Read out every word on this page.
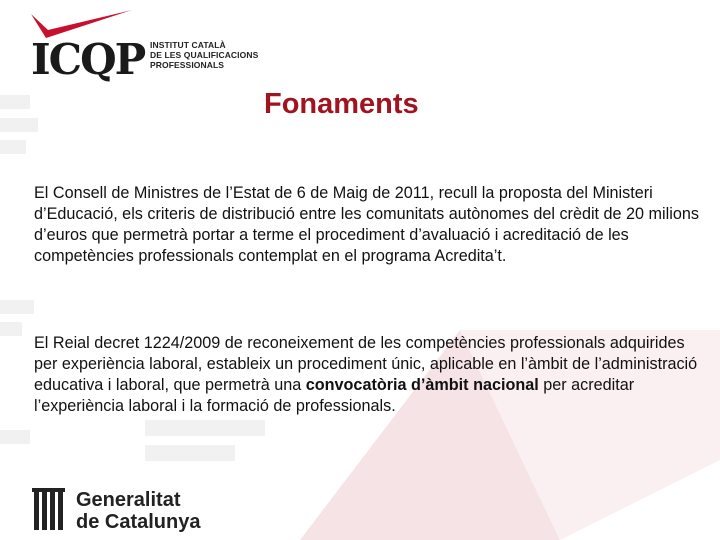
ICQP INSTITUT CATALÀ
DE LES QUALIFICACIONS
PROFESSIONALS
Fonaments

El Consell de Ministres de l’Estat de 6 de Maig de 2011, recull la proposta del Ministeri d’Educació, els criteris de distribució entre les comunitats autònomes del crèdit de 20 milions d’euros que permetrà portar a terme el procediment d’avaluació i acreditació de les competències professionals contemplat en el programa Acredita’t.

El Reial decret 1224/2009 de reconeixement de les competències professionals adquirides per experiència laboral, estableix un procediment únic, aplicable en l’àmbit de l’administració educativa i laboral, que permetrà una convocatòria d’àmbit nacional per acreditar l’experiència laboral i la formació de professionals.

Generalitat
de Catalunya
